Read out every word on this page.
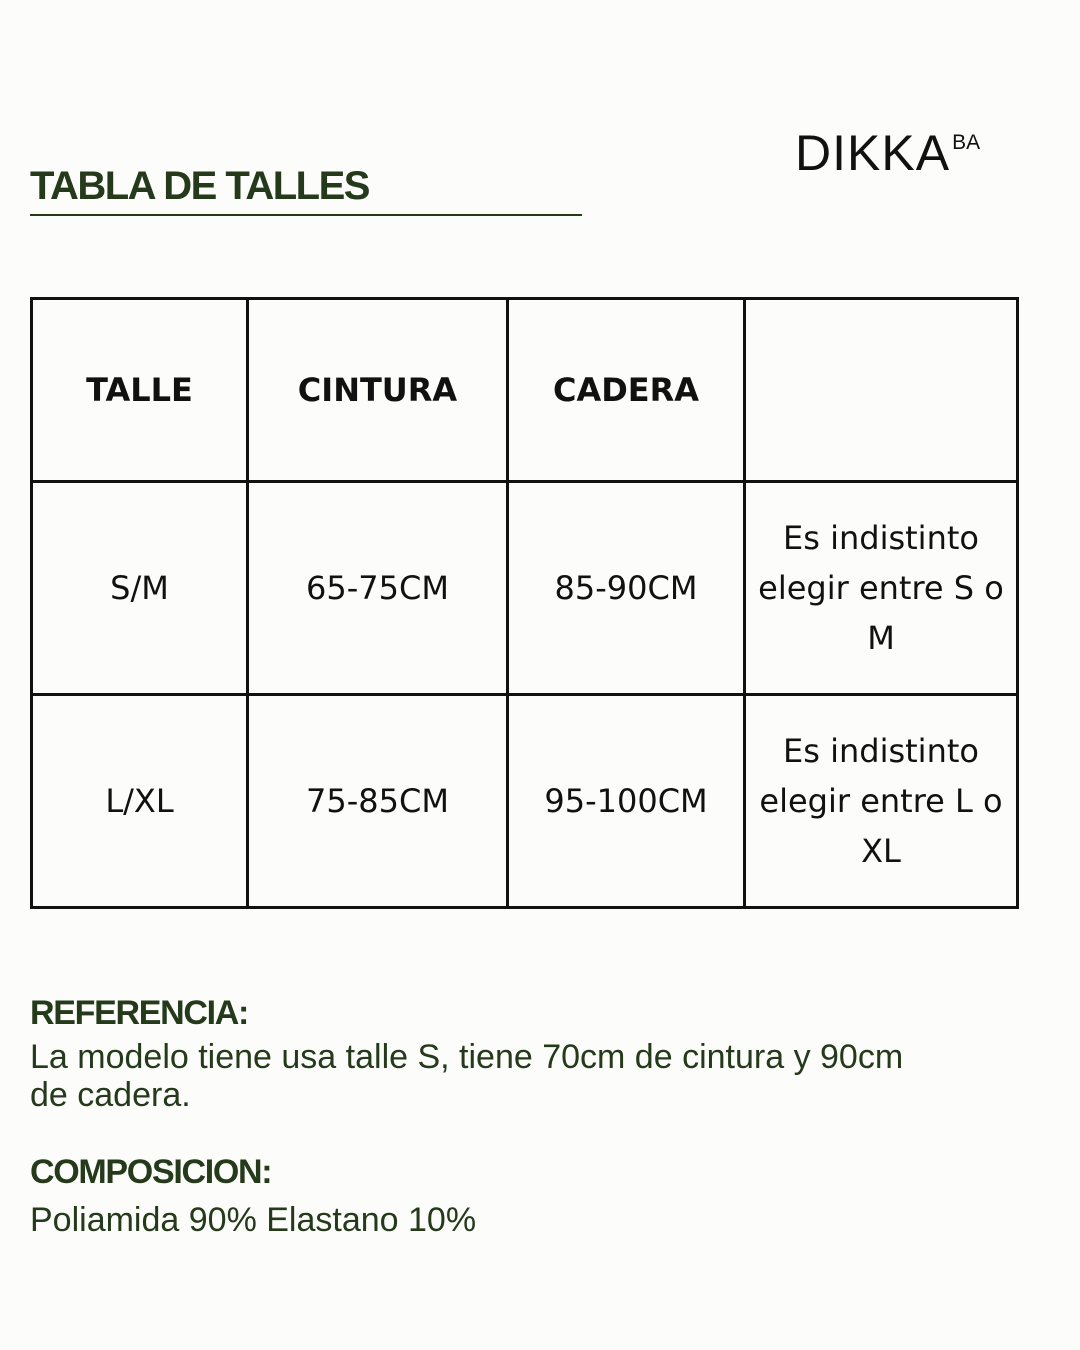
$DIKKA^{BA}$
TABLA DE TALLES
TALLE	CINTURA	CADERA	
S/M	65-75CM	85-90CM	Es indistinto elegir entre S o M
L/XL	75-85CM	95-100CM	Es indistinto elegir entre L o XL
REFERENCIA:

La modelo tiene usa talle S, tiene 70cm de cintura y 90cm de cadera.

COMPOSICION:

Poliamida 90% Elastano 10%
